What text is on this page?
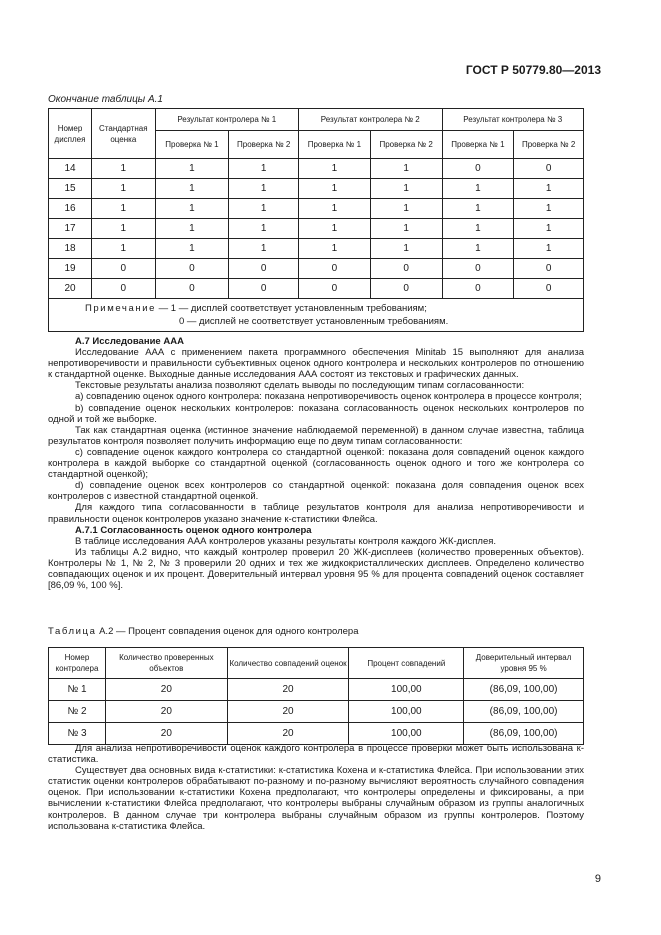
ГОСТ Р 50779.80—2013
Окончание таблицы А.1
Номер дисплея	Стандартная оценка	Результат контролера № 1		Результат контролера № 2		Результат контролера № 3	
		Проверка № 1	Проверка № 2	Проверка № 1	Проверка № 2	Проверка № 1	Проверка № 2
14	1	1	1	1	1	0	0
15	1	1	1	1	1	1	1
16	1	1	1	1	1	1	1
17	1	1	1	1	1	1	1
18	1	1	1	1	1	1	1
19	0	0	0	0	0	0	0
20	0	0	0	0	0	0	0

Примечание — 1 — дисплей соответствует установленным требованиям;
0 — дисплей не соответствует установленным требованиям.							

А.7 Исследование ААА

Исследование ААА с применением пакета программного обеспечения Minitab 15 выполняют для анализа непротиворечивости и правильности субъективных оценок одного контролера и нескольких контролеров по отношению к стандартной оценке. Выходные данные исследования ААА состоят из текстовых и графических данных.

Текстовые результаты анализа позволяют сделать выводы по последующим типам согласованности:

a) совпадению оценок одного контролера: показана непротиворечивость оценок контролера в процессе контроля;

b) совпадение оценок нескольких контролеров: показана согласованность оценок нескольких контролеров по одной и той же выборке.

Так как стандартная оценка (истинное значение наблюдаемой переменной) в данном случае известна, таблица результатов контроля позволяет получить информацию еще по двум типам согласованности:

c) совпадение оценок каждого контролера со стандартной оценкой: показана доля совпадений оценок каждого контролера в каждой выборке со стандартной оценкой (согласованность оценок одного и того же контролера со стандартной оценкой);

d) совпадение оценок всех контролеров со стандартной оценкой: показана доля совпадения оценок всех контролеров с известной стандартной оценкой.

Для каждого типа согласованности в таблице результатов контроля для анализа непротиворечивости и правильности оценок контролеров указано значение к-статистики Флейса.

А.7.1 Согласованность оценок одного контролера

В таблице исследования ААА контролеров указаны результаты контроля каждого ЖК-дисплея.

Из таблицы А.2 видно, что каждый контролер проверил 20 ЖК-дисплеев (количество проверенных объектов). Контролеры № 1, № 2, № 3 проверили 20 одних и тех же жидкокристаллических дисплеев. Определено количество совпадающих оценок и их процент. Доверительный интервал уровня 95 % для процента совпадений оценок составляет [86,09 %, 100 %].

Таблица А.2 — Процент совпадения оценок для одного контролера
Номер контролера	Количество проверенных объектов	Количество совпадений оценок	Процент совпадений	Доверительный интервал уровня 95 %
№ 1	20	20	100,00	(86,09, 100,00)
№ 2	20	20	100,00	(86,09, 100,00)
№ 3	20	20	100,00	(86,09, 100,00)

Для анализа непротиворечивости оценок каждого контролера в процессе проверки может быть использована к-статистика.

Существует два основных вида к-статистики: к-статистика Кохена и к-статистика Флейса. При использовании этих статистик оценки контролеров обрабатывают по-разному и по-разному вычисляют вероятность случайного совпадения оценок. При использовании к-статистики Кохена предполагают, что контролеры определены и фиксированы, а при вычислении к-статистики Флейса предполагают, что контролеры выбраны случайным образом из группы аналогичных контролеров. В данном случае три контролера выбраны случайным образом из группы контролеров. Поэтому использована к-статистика Флейса.

9
